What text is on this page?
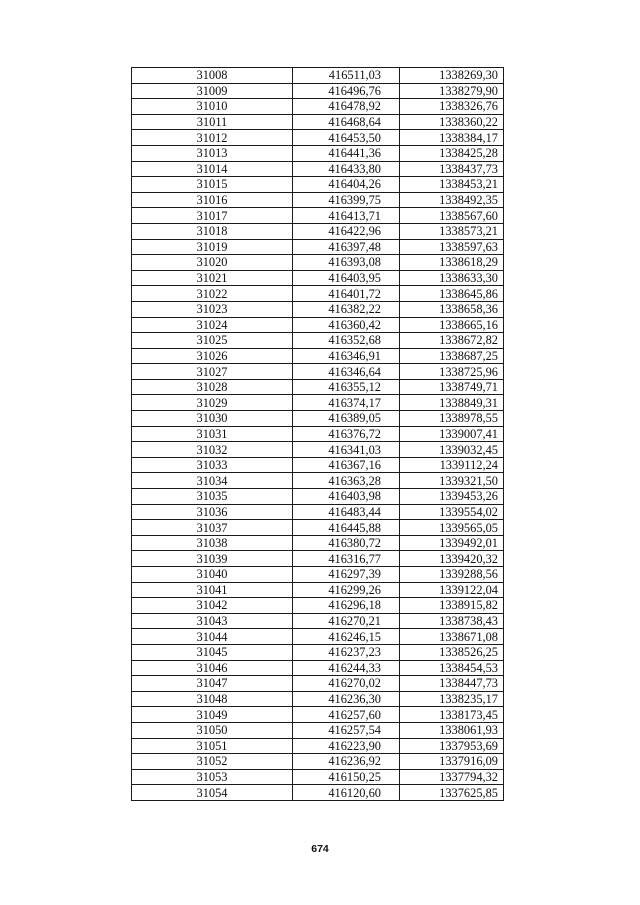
31008	416511,03	1338269,30
31009	416496,76	1338279,90
31010	416478,92	1338326,76
31011	416468,64	1338360,22
31012	416453,50	1338384,17
31013	416441,36	1338425,28
31014	416433,80	1338437,73
31015	416404,26	1338453,21
31016	416399,75	1338492,35
31017	416413,71	1338567,60
31018	416422,96	1338573,21
31019	416397,48	1338597,63
31020	416393,08	1338618,29
31021	416403,95	1338633,30
31022	416401,72	1338645,86
31023	416382,22	1338658,36
31024	416360,42	1338665,16
31025	416352,68	1338672,82
31026	416346,91	1338687,25
31027	416346,64	1338725,96
31028	416355,12	1338749,71
31029	416374,17	1338849,31
31030	416389,05	1338978,55
31031	416376,72	1339007,41
31032	416341,03	1339032,45
31033	416367,16	1339112,24
31034	416363,28	1339321,50
31035	416403,98	1339453,26
31036	416483,44	1339554,02
31037	416445,88	1339565,05
31038	416380,72	1339492,01
31039	416316,77	1339420,32
31040	416297,39	1339288,56
31041	416299,26	1339122,04
31042	416296,18	1338915,82
31043	416270,21	1338738,43
31044	416246,15	1338671,08
31045	416237,23	1338526,25
31046	416244,33	1338454,53
31047	416270,02	1338447,73
31048	416236,30	1338235,17
31049	416257,60	1338173,45
31050	416257,54	1338061,93
31051	416223,90	1337953,69
31052	416236,92	1337916,09
31053	416150,25	1337794,32
31054	416120,60	1337625,85
674
